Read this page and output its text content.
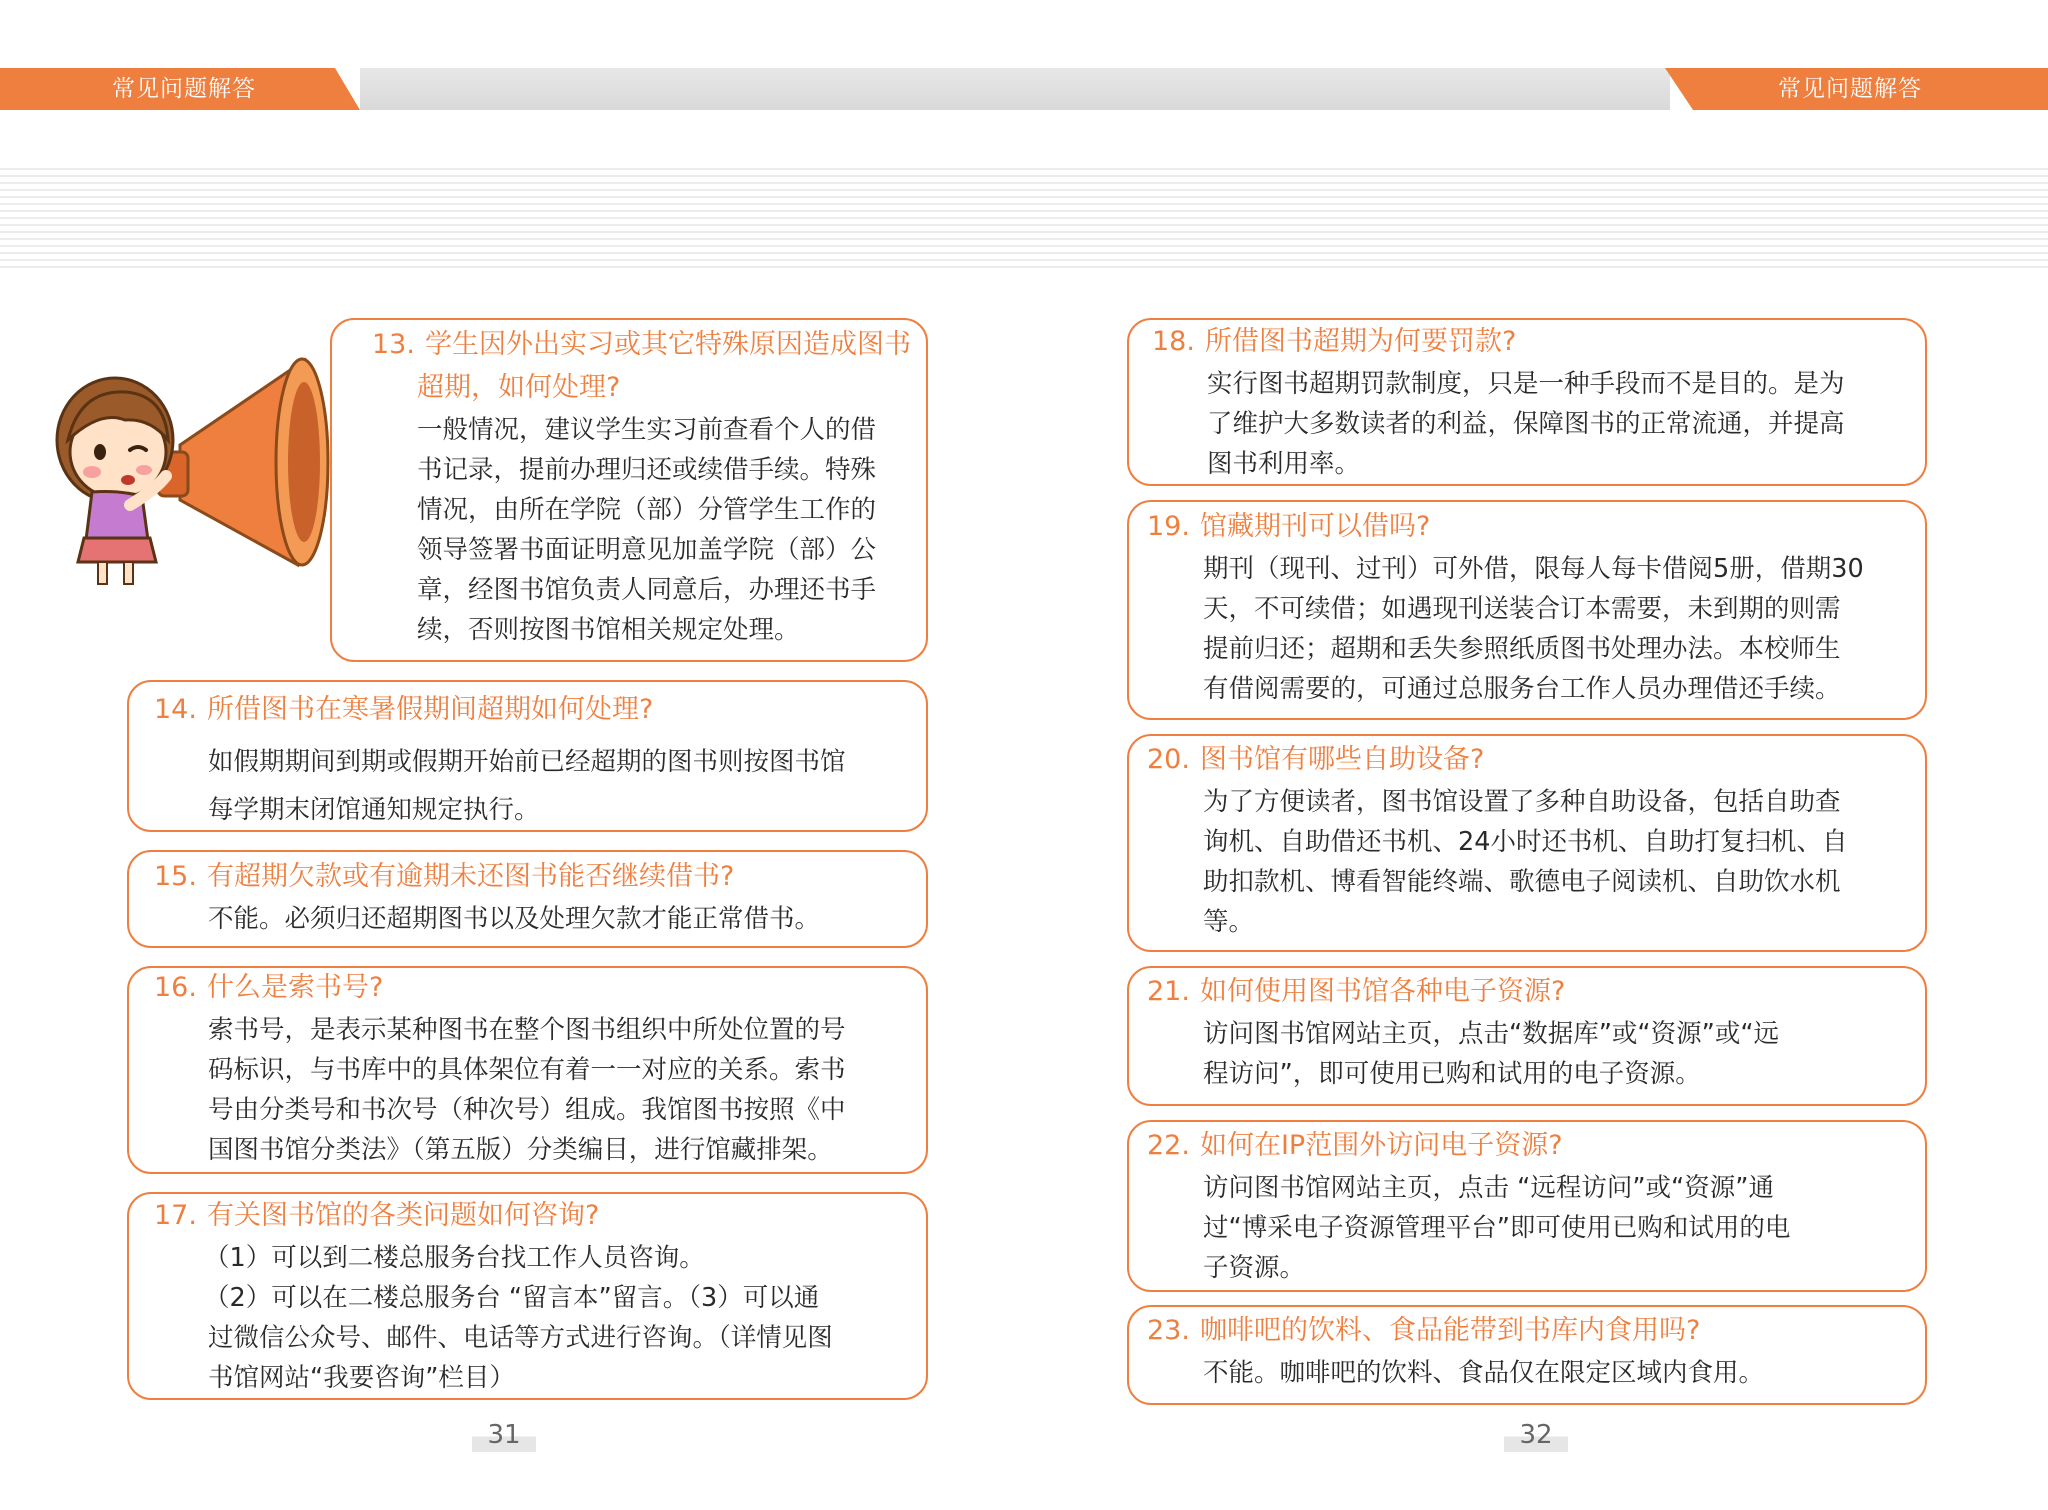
常见问题解答	常见问题解答
13. 学生因外出实习或其它特殊原因造成图书
超期，如何处理?

一般情况，建议学生实习前查看个人的借

书记录，提前办理归还或续借手续。特殊

情况，由所在学院（部）分管学生工作的

领导签署书面证明意见加盖学院（部）公

章，经图书馆负责人同意后，办理还书手

续，否则按图书馆相关规定处理。

14. 所借图书在寒暑假期间超期如何处理?

如假期期间到期或假期开始前已经超期的图书则按图书馆

每学期末闭馆通知规定执行。

15. 有超期欠款或有逾期未还图书能否继续借书?

不能。必须归还超期图书以及处理欠款才能正常借书。

16. 什么是索书号?

索书号，是表示某种图书在整个图书组织中所处位置的号

码标识，与书库中的具体架位有着一一对应的关系。索书

号由分类号和书次号（种次号）组成。我馆图书按照《中

国图书馆分类法》（第五版）分类编目，进行馆藏排架。

17. 有关图书馆的各类问题如何咨询?

（1）可以到二楼总服务台找工作人员咨询。

（2）可以在二楼总服务台 “留言本”留言。（3）可以通

过微信公众号、邮件、电话等方式进行咨询。（详情见图

书馆网站“我要咨询”栏目）

31
18. 所借图书超期为何要罚款?

实行图书超期罚款制度，只是一种手段而不是目的。是为

了维护大多数读者的利益，保障图书的正常流通，并提高

图书利用率。

19. 馆藏期刊可以借吗?

期刊（现刊、过刊）可外借，限每人每卡借阅5册，借期30

天，不可续借；如遇现刊送装合订本需要，未到期的则需

提前归还；超期和丢失参照纸质图书处理办法。本校师生

有借阅需要的，可通过总服务台工作人员办理借还手续。

20. 图书馆有哪些自助设备?

为了方便读者，图书馆设置了多种自助设备，包括自助查

询机、自助借还书机、24小时还书机、自助打复扫机、自

助扣款机、博看智能终端、歌德电子阅读机、自助饮水机

等。

21. 如何使用图书馆各种电子资源?

访问图书馆网站主页，点击“数据库”或“资源”或“远

程访问”，即可使用已购和试用的电子资源。

22. 如何在IP范围外访问电子资源?

访问图书馆网站主页，点击 “远程访问”或“资源”通

过“博采电子资源管理平台”即可使用已购和试用的电

子资源。

23. 咖啡吧的饮料、食品能带到书库内食用吗?

不能。咖啡吧的饮料、食品仅在限定区域内食用。

32
